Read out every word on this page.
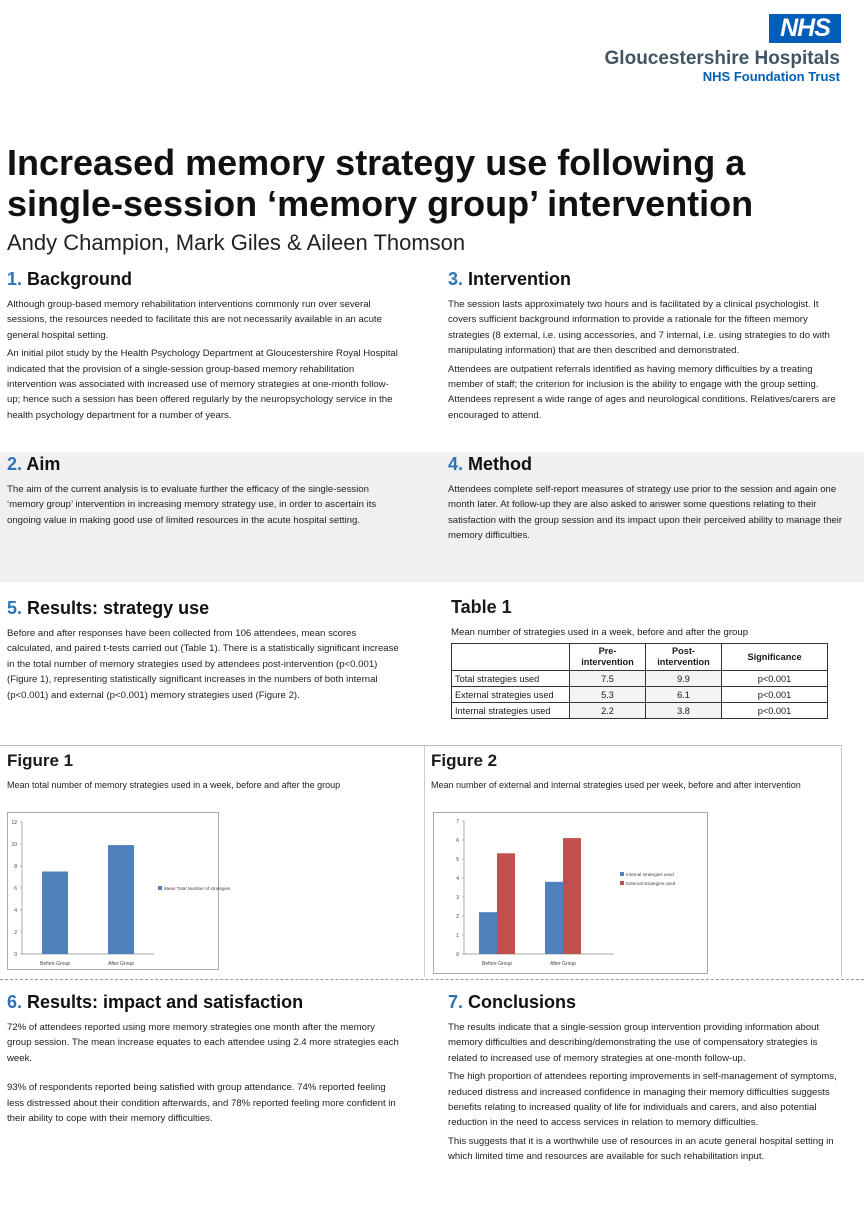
NHS
Gloucestershire Hospitals
NHS Foundation Trust
Increased memory strategy use following a
single-session ‘memory group’ intervention
Andy Champion, Mark Giles & Aileen Thomson
1. Background

Although group-based memory rehabilitation interventions commonly run over several sessions, the resources needed to facilitate this are not necessarily available in an acute general hospital setting.

An initial pilot study by the Health Psychology Department at Gloucestershire Royal Hospital indicated that the provision of a single-session group-based memory rehabilitation intervention was associated with increased use of memory strategies at one-month follow-up; hence such a session has been offered regularly by the neuropsychology service in the health psychology department for a number of years.

3. Intervention

The session lasts approximately two hours and is facilitated by a clinical psychologist. It covers sufficient background information to provide a rationale for the fifteen memory strategies (8 external, i.e. using accessories, and 7 internal, i.e. using strategies to do with manipulating information) that are then described and demonstrated.

Attendees are outpatient referrals identified as having memory difficulties by a treating member of staff; the criterion for inclusion is the ability to engage with the group setting. Attendees represent a wide range of ages and neurological conditions. Relatives/carers are encouraged to attend.

2. Aim

The aim of the current analysis is to evaluate further the efficacy of the single-session ‘memory group’ intervention in increasing memory strategy use, in order to ascertain its ongoing value in making good use of limited resources in the acute hospital setting.

4. Method

Attendees complete self-report measures of strategy use prior to the session and again one month later. At follow-up they are also asked to answer some questions relating to their satisfaction with the group session and its impact upon their perceived ability to manage their memory difficulties.

5. Results: strategy use

Before and after responses have been collected from 106 attendees, mean scores calculated, and paired t-tests carried out (Table 1). There is a statistically significant increase in the total number of memory strategies used by attendees post-intervention (p<0.001) (Figure 1), representing statistically significant increases in the numbers of both internal (p<0.001) and external (p<0.001) memory strategies used (Figure 2).

Table 1
Mean number of strategies used in a week, before and after the group
	Pre-intervention	Post-intervention	Significance
Total strategies used	7.5	9.9	p<0.001
External strategies used	5.3	6.1	p<0.001
Internal strategies used	2.2	3.8	p<0.001
Figure 1
Mean total number of memory strategies used in a week, before and after the group
0
2
4
6
8
10
12
Before Group	After Group
Mean Total Number of strategies
Figure 2
Mean number of external and internal strategies used per week, before and after intervention
0
1
2
3
4
5
6
7
Before Group	After Group
Internal strategies used
External strategies used
6. Results: impact and satisfaction

72% of attendees reported using more memory strategies one month after the memory group session. The mean increase equates to each attendee using 2.4 more strategies each week.

93% of respondents reported being satisfied with group attendance. 74% reported feeling less distressed about their condition afterwards, and 78% reported feeling more confident in their ability to cope with their memory difficulties.

7. Conclusions

The results indicate that a single-session group intervention providing information about memory difficulties and describing/demonstrating the use of compensatory strategies is related to increased use of memory strategies at one-month follow-up.

The high proportion of attendees reporting improvements in self-management of symptoms, reduced distress and increased confidence in managing their memory difficulties suggests benefits relating to increased quality of life for individuals and carers, and also potential reduction in the need to access services in relation to memory difficulties.

This suggests that it is a worthwhile use of resources in an acute general hospital setting in which limited time and resources are available for such rehabilitation input.
